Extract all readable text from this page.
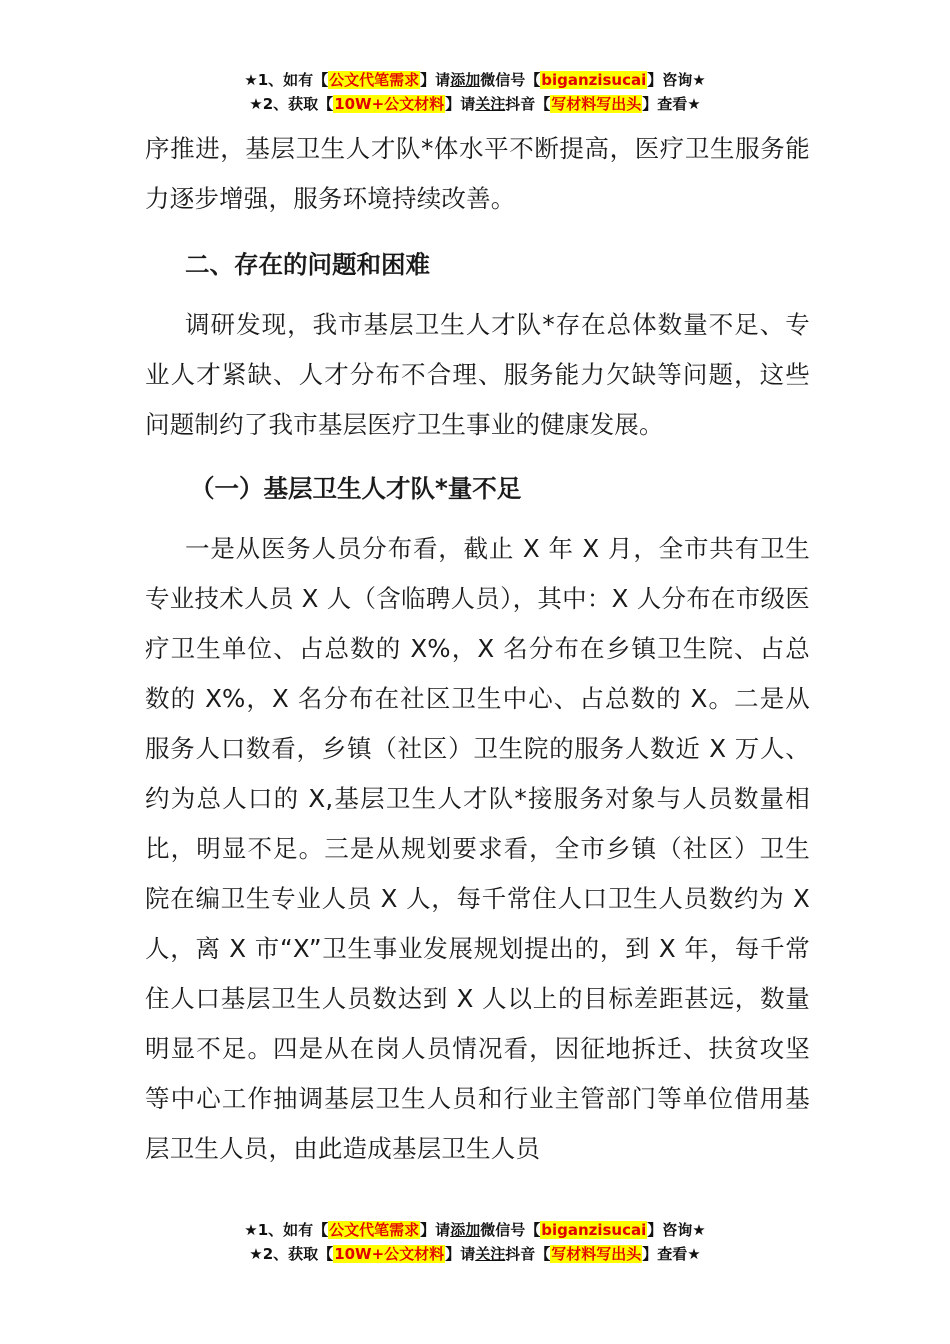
★1、如有【公文代笔需求】请添加微信号【biganzisucai】咨询★
★2、获取【10W+公文材料】请关注抖音【写材料写出头】查看★

序推进，基层卫生人才队*体水平不断提高，医疗卫生服务能力逐步增强，服务环境持续改善。

二、存在的问题和困难

调研发现，我市基层卫生人才队*存在总体数量不足、专业人才紧缺、人才分布不合理、服务能力欠缺等问题，这些问题制约了我市基层医疗卫生事业的健康发展。

（一）基层卫生人才队*量不足

一是从医务人员分布看，截止 X 年 X 月，全市共有卫生专业技术人员 X 人（含临聘人员），其中：X 人分布在市级医疗卫生单位、占总数的 X%，X 名分布在乡镇卫生院、占总数的 X%，X 名分布在社区卫生中心、占总数的 X。二是从服务人口数看，乡镇（社区）卫生院的服务人数近 X 万人、约为总人口的 X,基层卫生人才队*接服务对象与人员数量相比，明显不足。三是从规划要求看，全市乡镇（社区）卫生院在编卫生专业人员 X 人，每千常住人口卫生人员数约为 X 人，离 X 市“X”卫生事业发展规划提出的，到 X 年，每千常住人口基层卫生人员数达到 X 人以上的目标差距甚远，数量明显不足。四是从在岗人员情况看，因征地拆迁、扶贫攻坚等中心工作抽调基层卫生人员和行业主管部门等单位借用基层卫生人员，由此造成基层卫生人员

★1、如有【公文代笔需求】请添加微信号【biganzisucai】咨询★
★2、获取【10W+公文材料】请关注抖音【写材料写出头】查看★
